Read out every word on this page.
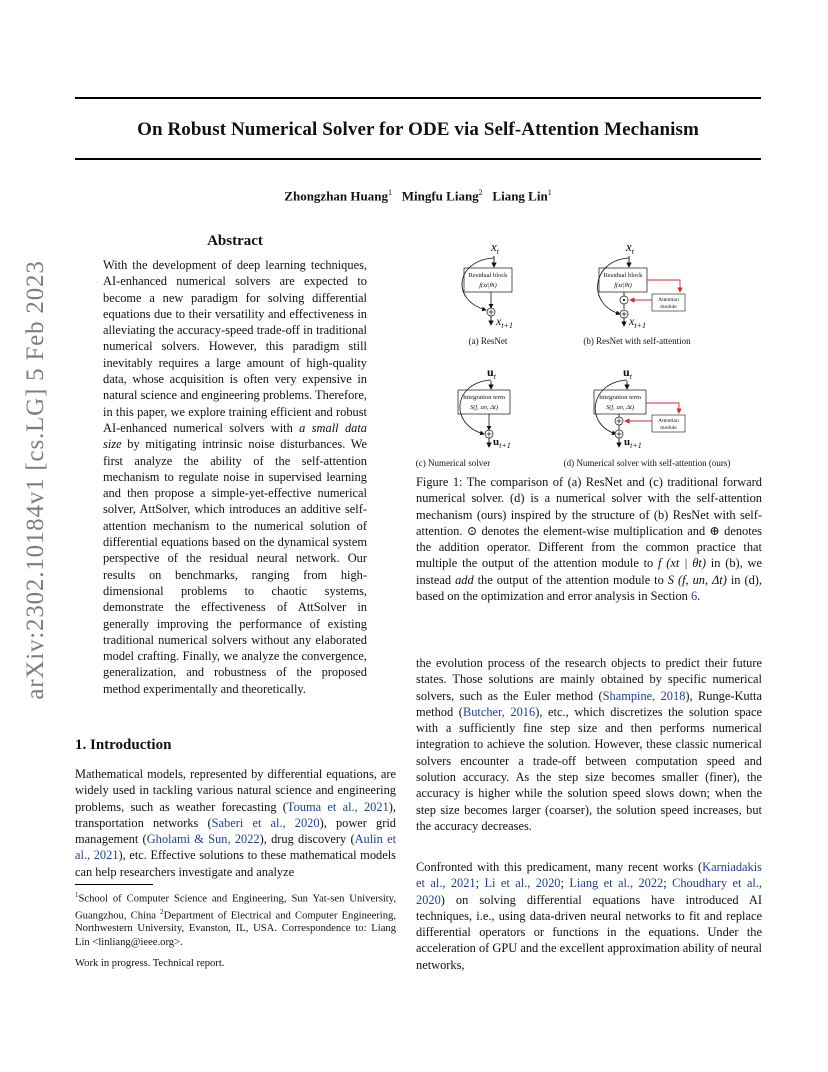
On Robust Numerical Solver for ODE via Self-Attention Mechanism
Zhongzhan Huang$^1$ Mingfu Liang$^2$ Liang Lin$^1$
arXiv:2302.10184v1 [cs.LG] 5 Feb 2023
Abstract
With the development of deep learning techniques, AI-enhanced numerical solvers are expected to become a new paradigm for solving differential equations due to their versatility and effectiveness in alleviating the accuracy-speed trade-off in traditional numerical solvers. However, this paradigm still inevitably requires a large amount of high-quality data, whose acquisition is often very expensive in natural science and engineering problems. Therefore, in this paper, we explore training efficient and robust AI-enhanced numerical solvers with a small data size by mitigating intrinsic noise disturbances. We first analyze the ability of the self-attention mechanism to regulate noise in supervised learning and then propose a simple-yet-effective numerical solver, AttSolver, which introduces an additive self-attention mechanism to the numerical solution of differential equations based on the dynamical system perspective of the residual neural network. Our results on benchmarks, ranging from high-dimensional problems to chaotic systems, demonstrate the effectiveness of AttSolver in generally improving the performance of existing traditional numerical solvers without any elaborated model crafting. Finally, we analyze the convergence, generalization, and robustness of the proposed method experimentally and theoretically.
1. Introduction
Mathematical models, represented by differential equations, are widely used in tackling various natural science and engineering problems, such as weather forecasting (Touma et al., 2021), transportation networks (Saberi et al., 2020), power grid management (Gholami & Sun, 2022), drug discovery (Aulin et al., 2021), etc. Effective solutions to these mathematical models can help researchers investigate and analyze
$^1$School of Computer Science and Engineering, Sun Yat-sen University, Guangzhou, China $^2$Department of Electrical and Computer Engineering, Northwestern University, Evanston, IL, USA. Correspondence to: Liang Lin <linliang@ieee.org>.
Work in progress. Technical report.
$x_t$
Residual block
f(xt|θt)
$x_{t+1}$
(a) ResNet
$x_t$
Residual block
f(xt|θt)
$x_{t+1}$
Attention
module
(b) ResNet with self-attention
$u_t$
Integration term
S(f, un, Δt)
$u_{t+1}$
(c) Numerical solver
$u_t$
Integration term
S(f, un, Δt)
$u_{t+1}$
Attention
module
(d) Numerical solver with self-attention (ours)
Figure 1: The comparison of (a) ResNet and (c) traditional forward numerical solver. (d) is a numerical solver with the self-attention mechanism (ours) inspired by the structure of (b) ResNet with self-attention. ⊙ denotes the element-wise multiplication and ⊕ denotes the addition operator. Different from the common practice that multiple the output of the attention module to f (xt | θt) in (b), we instead add the output of the attention module to S (f, un, Δt) in (d), based on the optimization and error analysis in Section 6.
the evolution process of the research objects to predict their future states. Those solutions are mainly obtained by specific numerical solvers, such as the Euler method (Shampine, 2018), Runge-Kutta method (Butcher, 2016), etc., which discretizes the solution space with a sufficiently fine step size and then performs numerical integration to achieve the solution. However, these classic numerical solvers encounter a trade-off between computation speed and solution accuracy. As the step size becomes smaller (finer), the accuracy is higher while the solution speed slows down; when the step size becomes larger (coarser), the solution speed increases, but the accuracy decreases.
Confronted with this predicament, many recent works (Karniadakis et al., 2021; Li et al., 2020; Liang et al., 2022; Choudhary et al., 2020) on solving differential equations have introduced AI techniques, i.e., using data-driven neural networks to fit and replace differential operators or functions in the equations. Under the acceleration of GPU and the excellent approximation ability of neural networks,
